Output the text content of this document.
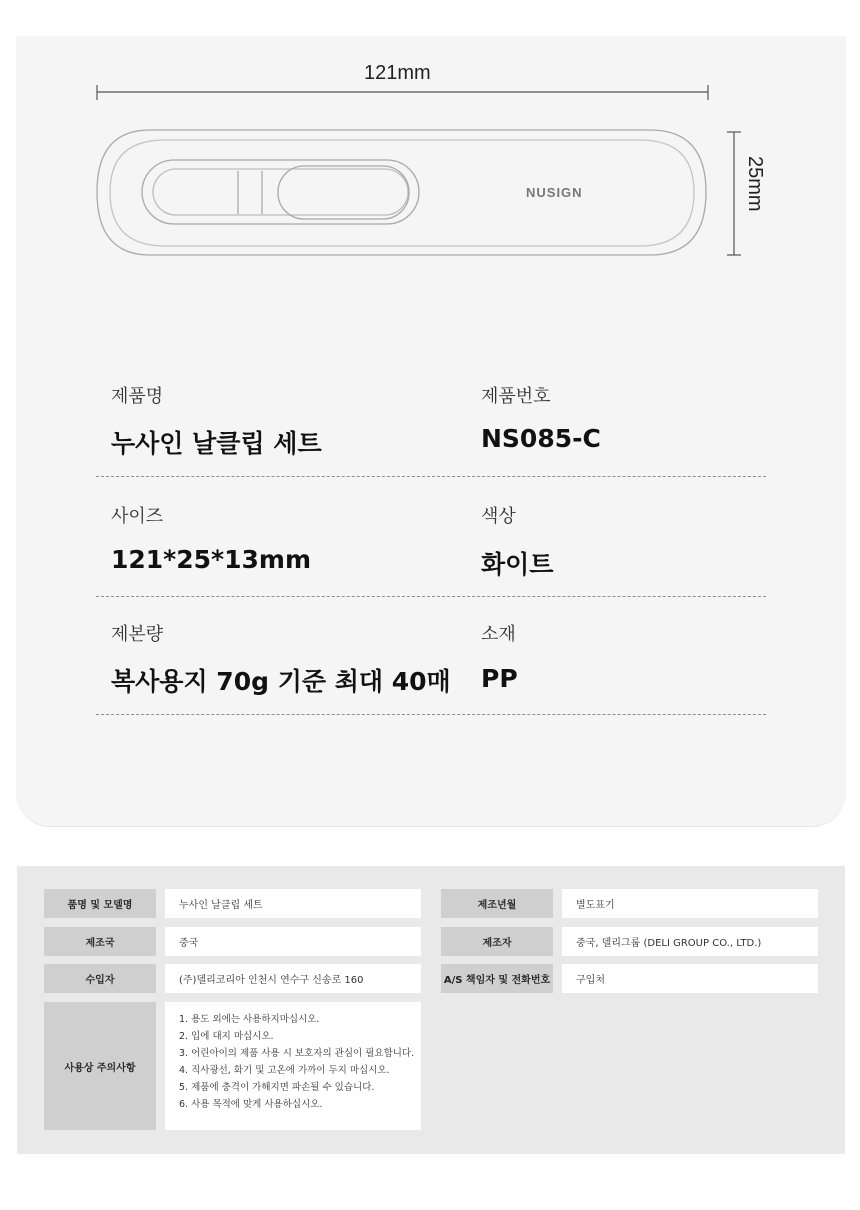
121mm
25mm
NUSIGN
제품명
누사인 날클립 세트
제품번호
NS085-C
사이즈
121*25*13mm
색상
화이트
제본량
복사용지 70g 기준 최대 40매
소재
PP
품명 및 모델명	누사인 날클립 세트	제조년월	별도표기
제조국	중국	제조자	중국, 델리그룹 (DELI GROUP CO., LTD.)
수입자	(주)델리코리아 인천시 연수구 신송로 160	A/S 책임자 및 전화번호	구입처
사용상 주의사항
1. 용도 외에는 사용하지마십시오.
2. 입에 대지 마십시오.
3. 어린아이의 제품 사용 시 보호자의 관심이 필요합니다.
4. 직사광선, 화기 및 고온에 가까이 두지 마십시오.
5. 제품에 충격이 가해지면 파손될 수 있습니다.
6. 사용 목적에 맞게 사용하십시오.
